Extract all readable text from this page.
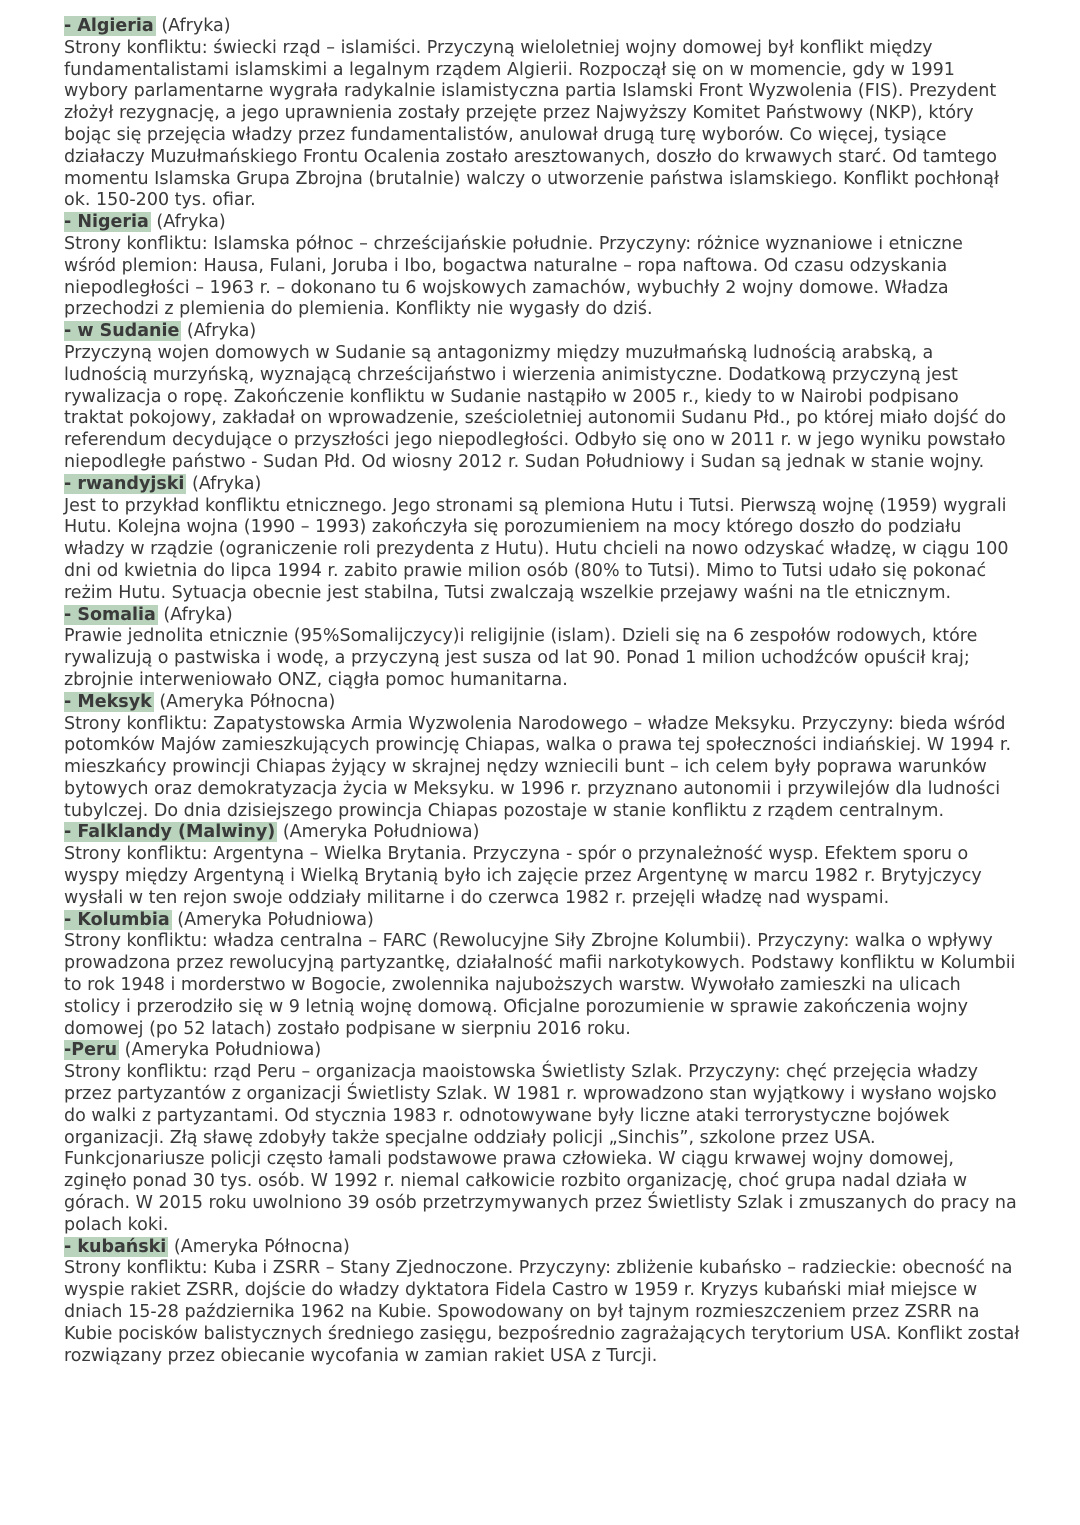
- Algieria (Afryka)
Strony konfliktu: świecki rząd – islamiści. Przyczyną wieloletniej wojny domowej był konflikt między fundamentalistami islamskimi a legalnym rządem Algierii. Rozpoczął się on w momencie, gdy w 1991 wybory parlamentarne wygrała radykalnie islamistyczna partia Islamski Front Wyzwolenia (FIS). Prezydent złożył rezygnację, a jego uprawnienia zostały przejęte przez Najwyższy Komitet Państwowy (NKP), który bojąc się przejęcia władzy przez fundamentalistów, anulował drugą turę wyborów. Co więcej, tysiące działaczy Muzułmańskiego Frontu Ocalenia zostało aresztowanych, doszło do krwawych starć. Od tamtego momentu Islamska Grupa Zbrojna (brutalnie) walczy o utworzenie państwa islamskiego. Konflikt pochłonął ok. 150-200 tys. ofiar.
- Nigeria (Afryka)
Strony konfliktu: Islamska północ – chrześcijańskie południe. Przyczyny: różnice wyznaniowe i etniczne wśród plemion: Hausa, Fulani, Joruba i Ibo, bogactwa naturalne – ropa naftowa. Od czasu odzyskania niepodległości – 1963 r. – dokonano tu 6 wojskowych zamachów, wybuchły 2 wojny domowe. Władza przechodzi z plemienia do plemienia. Konflikty nie wygasły do dziś.
- w Sudanie (Afryka)
Przyczyną wojen domowych w Sudanie są antagonizmy między muzułmańską ludnością arabską, a ludnością murzyńską, wyznającą chrześcijaństwo i wierzenia animistyczne. Dodatkową przyczyną jest rywalizacja o ropę. Zakończenie konfliktu w Sudanie nastąpiło w 2005 r., kiedy to w Nairobi podpisano traktat pokojowy, zakładał on wprowadzenie, sześcioletniej autonomii Sudanu Płd., po której miało dojść do referendum decydujące o przyszłości jego niepodległości. Odbyło się ono w 2011 r. w jego wyniku powstało niepodległe państwo - Sudan Płd. Od wiosny 2012 r. Sudan Południowy i Sudan są jednak w stanie wojny.
- rwandyjski (Afryka)
Jest to przykład konfliktu etnicznego. Jego stronami są plemiona Hutu i Tutsi. Pierwszą wojnę (1959) wygrali Hutu. Kolejna wojna (1990 – 1993) zakończyła się porozumieniem na mocy którego doszło do podziału władzy w rządzie (ograniczenie roli prezydenta z Hutu). Hutu chcieli na nowo odzyskać władzę, w ciągu 100 dni od kwietnia do lipca 1994 r. zabito prawie milion osób (80% to Tutsi). Mimo to Tutsi udało się pokonać reżim Hutu. Sytuacja obecnie jest stabilna, Tutsi zwalczają wszelkie przejawy waśni na tle etnicznym.
- Somalia (Afryka)
Prawie jednolita etnicznie (95%Somalijczycy)i religijnie (islam). Dzieli się na 6 zespołów rodowych, które rywalizują o pastwiska i wodę, a przyczyną jest susza od lat 90. Ponad 1 milion uchodźców opuścił kraj; zbrojnie interweniowało ONZ, ciągła pomoc humanitarna.
- Meksyk (Ameryka Północna)
Strony konfliktu: Zapatystowska Armia Wyzwolenia Narodowego – władze Meksyku. Przyczyny: bieda wśród potomków Majów zamieszkujących prowincję Chiapas, walka o prawa tej społeczności indiańskiej. W 1994 r. mieszkańcy prowincji Chiapas żyjący w skrajnej nędzy wzniecili bunt – ich celem były poprawa warunków bytowych oraz demokratyzacja życia w Meksyku. w 1996 r. przyznano autonomii i przywilejów dla ludności tubylczej. Do dnia dzisiejszego prowincja Chiapas pozostaje w stanie konfliktu z rządem centralnym.
- Falklandy (Malwiny) (Ameryka Południowa)
Strony konfliktu: Argentyna – Wielka Brytania. Przyczyna - spór o przynależność wysp. Efektem sporu o wyspy między Argentyną i Wielką Brytanią było ich zajęcie przez Argentynę w marcu 1982 r. Brytyjczycy wysłali w ten rejon swoje oddziały militarne i do czerwca 1982 r. przejęli władzę nad wyspami.
- Kolumbia (Ameryka Południowa)
Strony konfliktu: władza centralna – FARC (Rewolucyjne Siły Zbrojne Kolumbii). Przyczyny: walka o wpływy prowadzona przez rewolucyjną partyzantkę, działalność mafii narkotykowych. Podstawy konfliktu w Kolumbii to rok 1948 i morderstwo w Bogocie, zwolennika najuboższych warstw. Wywołało zamieszki na ulicach stolicy i przerodziło się w 9 letnią wojnę domową. Oficjalne porozumienie w sprawie zakończenia wojny domowej (po 52 latach) zostało podpisane w sierpniu 2016 roku.
-Peru (Ameryka Południowa)
Strony konfliktu: rząd Peru – organizacja maoistowska Świetlisty Szlak. Przyczyny: chęć przejęcia władzy przez partyzantów z organizacji Świetlisty Szlak. W 1981 r. wprowadzono stan wyjątkowy i wysłano wojsko do walki z partyzantami. Od stycznia 1983 r. odnotowywane były liczne ataki terrorystyczne bojówek organizacji. Złą sławę zdobyły także specjalne oddziały policji „Sinchis”, szkolone przez USA. Funkcjonariusze policji często łamali podstawowe prawa człowieka. W ciągu krwawej wojny domowej, zginęło ponad 30 tys. osób. W 1992 r. niemal całkowicie rozbito organizację, choć grupa nadal działa w górach. W 2015 roku uwolniono 39 osób przetrzymywanych przez Świetlisty Szlak i zmuszanych do pracy na polach koki.
- kubański (Ameryka Północna)
Strony konfliktu: Kuba i ZSRR – Stany Zjednoczone. Przyczyny: zbliżenie kubańsko – radzieckie: obecność na wyspie rakiet ZSRR, dojście do władzy dyktatora Fidela Castro w 1959 r. Kryzys kubański miał miejsce w dniach 15-28 października 1962 na Kubie. Spowodowany on był tajnym rozmieszczeniem przez ZSRR na Kubie pocisków balistycznych średniego zasięgu, bezpośrednio zagrażających terytorium USA. Konflikt został rozwiązany przez obiecanie wycofania w zamian rakiet USA z Turcji.
